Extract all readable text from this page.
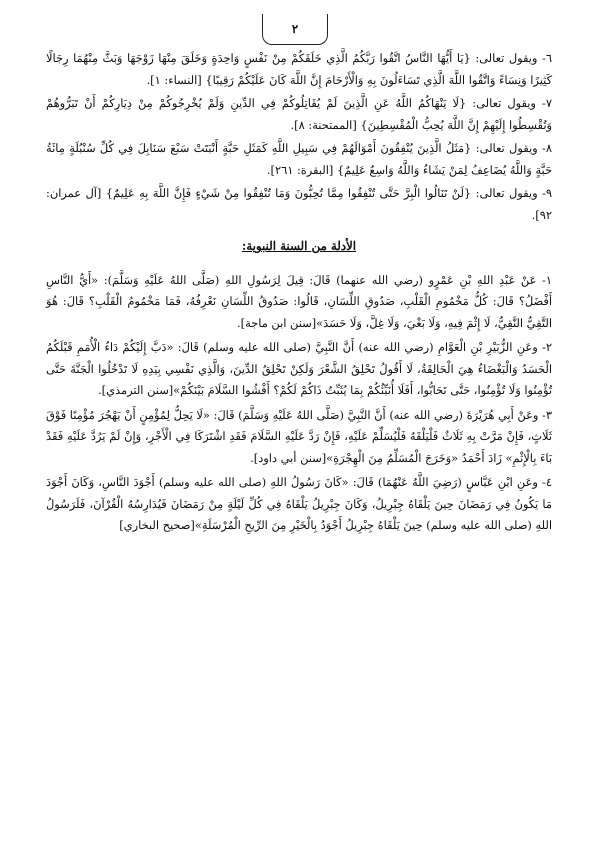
٢

٦- ويقول تعالى: {يَا أَيُّهَا النَّاسُ اتَّقُوا رَبَّكُمُ الَّذِي خَلَقَكُمْ مِنْ نَفْسٍ وَاحِدَةٍ وَخَلَقَ مِنْهَا زَوْجَهَا وَبَثَّ مِنْهُمَا رِجَالًا كَثِيرًا وَنِسَاءً وَاتَّقُوا اللَّهَ الَّذِي تَسَاءَلُونَ بِهِ وَالْأَرْحَامَ إِنَّ اللَّهَ كَانَ عَلَيْكُمْ رَقِيبًا} [النساء: ١].

٧- ويقول تعالى: {لَا يَنْهَاكُمُ اللَّهُ عَنِ الَّذِينَ لَمْ يُقَاتِلُوكُمْ فِي الدِّينِ وَلَمْ يُخْرِجُوكُمْ مِنْ دِيَارِكُمْ أَنْ تَبَرُّوهُمْ وَتُقْسِطُوا إِلَيْهِمْ إِنَّ اللَّهَ يُحِبُّ الْمُقْسِطِينَ} [الممتحنة: ٨].

٨- ويقول تعالى: {مَثَلُ الَّذِينَ يُنْفِقُونَ أَمْوَالَهُمْ فِي سَبِيلِ اللَّهِ كَمَثَلِ حَبَّةٍ أَنْبَتَتْ سَبْعَ سَنَابِلَ فِي كُلِّ سُنْبُلَةٍ مِائَةُ حَبَّةٍ وَاللَّهُ يُضَاعِفُ لِمَنْ يَشَاءُ وَاللَّهُ وَاسِعٌ عَلِيمٌ} [البقرة: ٢٦١].

٩- ويقول تعالى: {لَنْ تَنَالُوا الْبِرَّ حَتَّى تُنْفِقُوا مِمَّا تُحِبُّونَ وَمَا تُنْفِقُوا مِنْ شَيْءٍ فَإِنَّ اللَّهَ بِهِ عَلِيمٌ} [آل عمران: ٩٢].

الأدلة من السنة النبوية:

١- عَنْ عَبْدِ اللهِ بْنِ عَمْرٍو (رضي الله عنهما) قَالَ: قِيلَ لِرَسُولِ اللهِ (صَلَّى اللهُ عَلَيْهِ وَسَلَّمَ): «أَيُّ النَّاسِ أَفْضَلُ؟ قَالَ: كُلُّ مَخْمُومِ الْقَلْبِ، صَدُوقِ اللِّسَانِ، قَالُوا: صَدُوقُ اللِّسَانِ نَعْرِفُهُ، فَمَا مَخْمُومُ الْقَلْبِ؟ قَالَ: هُوَ التَّقِيُّ النَّقِيُّ، لَا إِثْمَ فِيهِ، وَلَا بَغْيَ، وَلَا غِلَّ، وَلَا حَسَدَ»[سنن ابن ماجة].

٢- وعَنِ الزُّبَيْرِ بْنِ الْعَوَّامِ (رضي الله عنه) أَنَّ النَّبِيَّ (صلى الله عليه وسلم) قَالَ: «دَبَّ إِلَيْكُمْ دَاءُ الْأُمَمِ قَبْلَكُمُ الْحَسَدُ وَالْبَغْضَاءُ هِيَ الْحَالِقَةُ، لَا أَقُولُ تَحْلِقُ الشَّعْرَ وَلَكِنْ تَحْلِقُ الدِّينَ، وَالَّذِي نَفْسِي بِيَدِهِ لَا تَدْخُلُوا الْجَنَّةَ حَتَّى تُؤْمِنُوا وَلَا تُؤْمِنُوا، حَتَّى تَحَابُّوا، أَفَلَا أُنَبِّئُكُمْ بِمَا يُثَبِّتُ ذَاكُمْ لَكُمْ؟ أَفْشُوا السَّلَامَ بَيْنَكُمْ»[سنن الترمذي].

٣- وعَنْ أَبِي هُرَيْرَةَ (رضي الله عنه) أَنَّ النَّبِيَّ (صَلَّى اللهُ عَلَيْهِ وَسَلَّمَ) قَالَ: «لَا يَحِلُّ لِمُؤْمِنٍ أَنْ يَهْجُرَ مُؤْمِنًا فَوْقَ ثَلَاثٍ، فَإِنْ مَرَّتْ بِهِ ثَلَاثٌ فَلْيَلْقَهُ فَلْيُسَلِّمْ عَلَيْهِ، فَإِنْ رَدَّ عَلَيْهِ السَّلَامَ فَقَدِ اشْتَرَكَا فِي الْأَجْرِ، وَإِنْ لَمْ يَرُدَّ عَلَيْهِ فَقَدْ بَاءَ بِالْإِثْمِ» زَادَ أَحْمَدُ «وَخَرَجَ الْمُسَلِّمُ مِنَ الْهِجْرَةِ»[سنن أبي داود].

٤- وعَنِ ابْنِ عَبَّاسٍ (رَضِيَ اللَّهُ عَنْهُمَا) قَالَ: «كَانَ رَسُولُ اللهِ (صلى الله عليه وسلم) أَجْوَدَ النَّاسِ، وَكَانَ أَجْوَدَ مَا يَكُونُ فِي رَمَضَانَ حِينَ يَلْقَاهُ جِبْرِيلُ، وَكَانَ جِبْرِيلُ يَلْقَاهُ فِي كُلِّ لَيْلَةٍ مِنْ رَمَضَانَ فَيُدَارِسُهُ الْقُرْآنَ، فَلَرَسُولُ اللهِ (صلى الله عليه وسلم) حِينَ يَلْقَاهُ جِبْرِيلُ أَجْوَدُ بِالْخَيْرِ مِنَ الرِّيحِ الْمُرْسَلَةِ»[صحيح البخاري]
